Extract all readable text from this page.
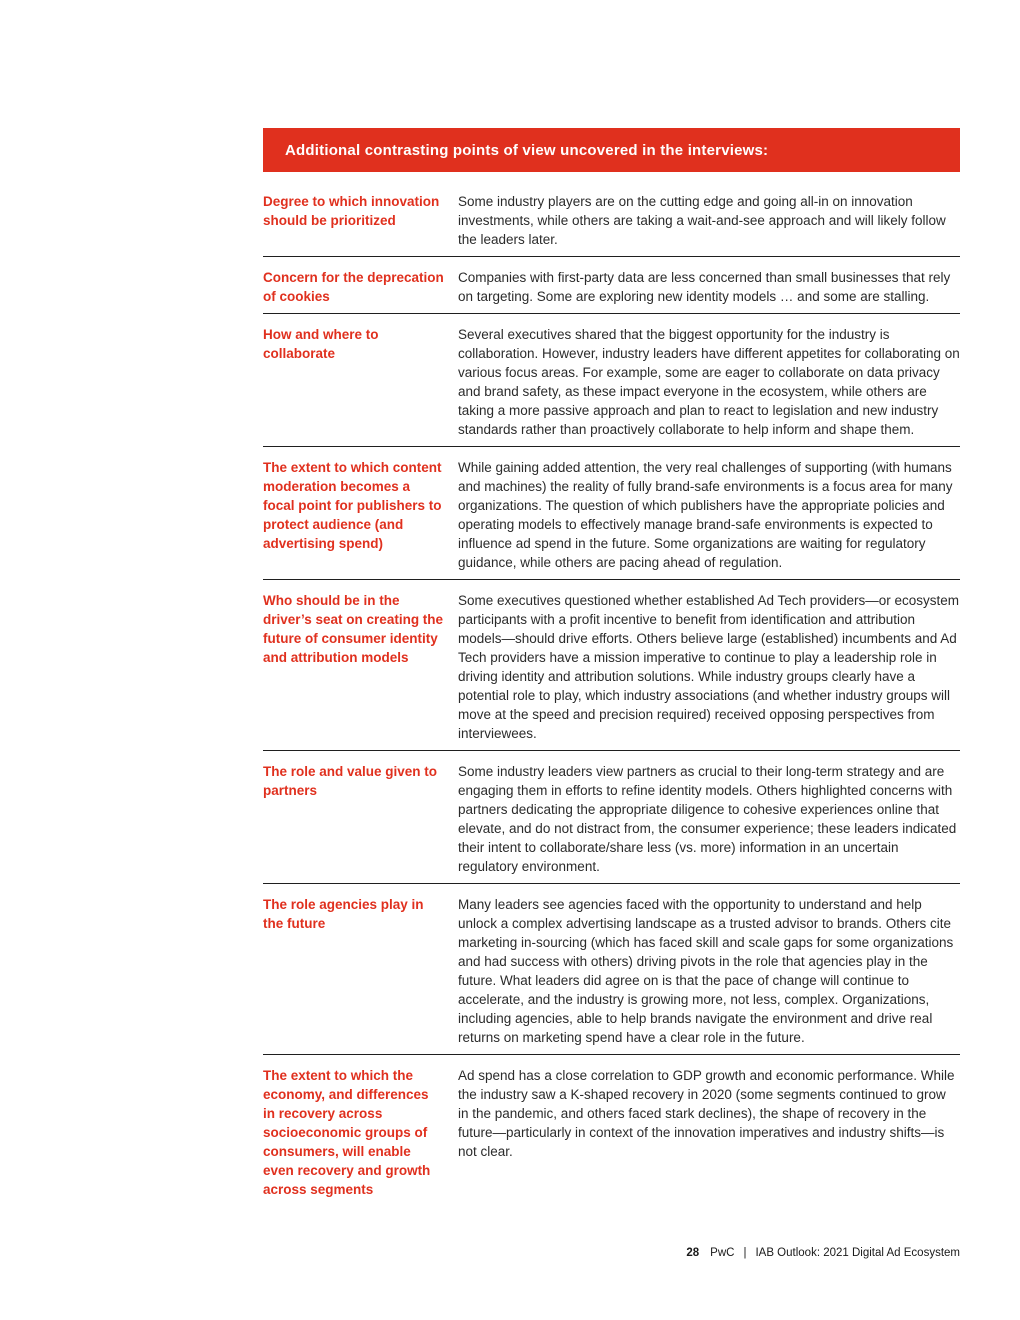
Additional contrasting points of view uncovered in the interviews:
Degree to which innovation should be prioritized
Some industry players are on the cutting edge and going all-in on innovation investments, while others are taking a wait-and-see approach and will likely follow the leaders later.
Concern for the deprecation of cookies
Companies with first-party data are less concerned than small businesses that rely on targeting. Some are exploring new identity models … and some are stalling.
How and where to collaborate
Several executives shared that the biggest opportunity for the industry is collaboration. However, industry leaders have different appetites for collaborating on various focus areas. For example, some are eager to collaborate on data privacy and brand safety, as these impact everyone in the ecosystem, while others are taking a more passive approach and plan to react to legislation and new industry standards rather than proactively collaborate to help inform and shape them.
The extent to which content moderation becomes a focal point for publishers to protect audience (and advertising spend)
While gaining added attention, the very real challenges of supporting (with humans and machines) the reality of fully brand-safe environments is a focus area for many organizations. The question of which publishers have the appropriate policies and operating models to effectively manage brand-safe environments is expected to influence ad spend in the future. Some organizations are waiting for regulatory guidance, while others are pacing ahead of regulation.
Who should be in the driver’s seat on creating the future of consumer identity and attribution models
Some executives questioned whether established Ad Tech providers—or ecosystem participants with a profit incentive to benefit from identification and attribution models—should drive efforts. Others believe large (established) incumbents and Ad Tech providers have a mission imperative to continue to play a leadership role in driving identity and attribution solutions. While industry groups clearly have a potential role to play, which industry associations (and whether industry groups will move at the speed and precision required) received opposing perspectives from interviewees.
The role and value given to partners
Some industry leaders view partners as crucial to their long-term strategy and are engaging them in efforts to refine identity models. Others highlighted concerns with partners dedicating the appropriate diligence to cohesive experiences online that elevate, and do not distract from, the consumer experience; these leaders indicated their intent to collaborate/share less (vs. more) information in an uncertain regulatory environment.
The role agencies play in the future
Many leaders see agencies faced with the opportunity to understand and help unlock a complex advertising landscape as a trusted advisor to brands. Others cite marketing in-sourcing (which has faced skill and scale gaps for some organizations and had success with others) driving pivots in the role that agencies play in the future. What leaders did agree on is that the pace of change will continue to accelerate, and the industry is growing more, not less, complex. Organizations, including agencies, able to help brands navigate the environment and drive real returns on marketing spend have a clear role in the future.
The extent to which the economy, and differences in recovery across socioeconomic groups of consumers, will enable even recovery and growth across segments
Ad spend has a close correlation to GDP growth and economic performance. While the industry saw a K-shaped recovery in 2020 (some segments continued to grow in the pandemic, and others faced stark declines), the shape of recovery in the future—particularly in context of the innovation imperatives and industry shifts—is not clear.
28 PwC | IAB Outlook: 2021 Digital Ad Ecosystem
